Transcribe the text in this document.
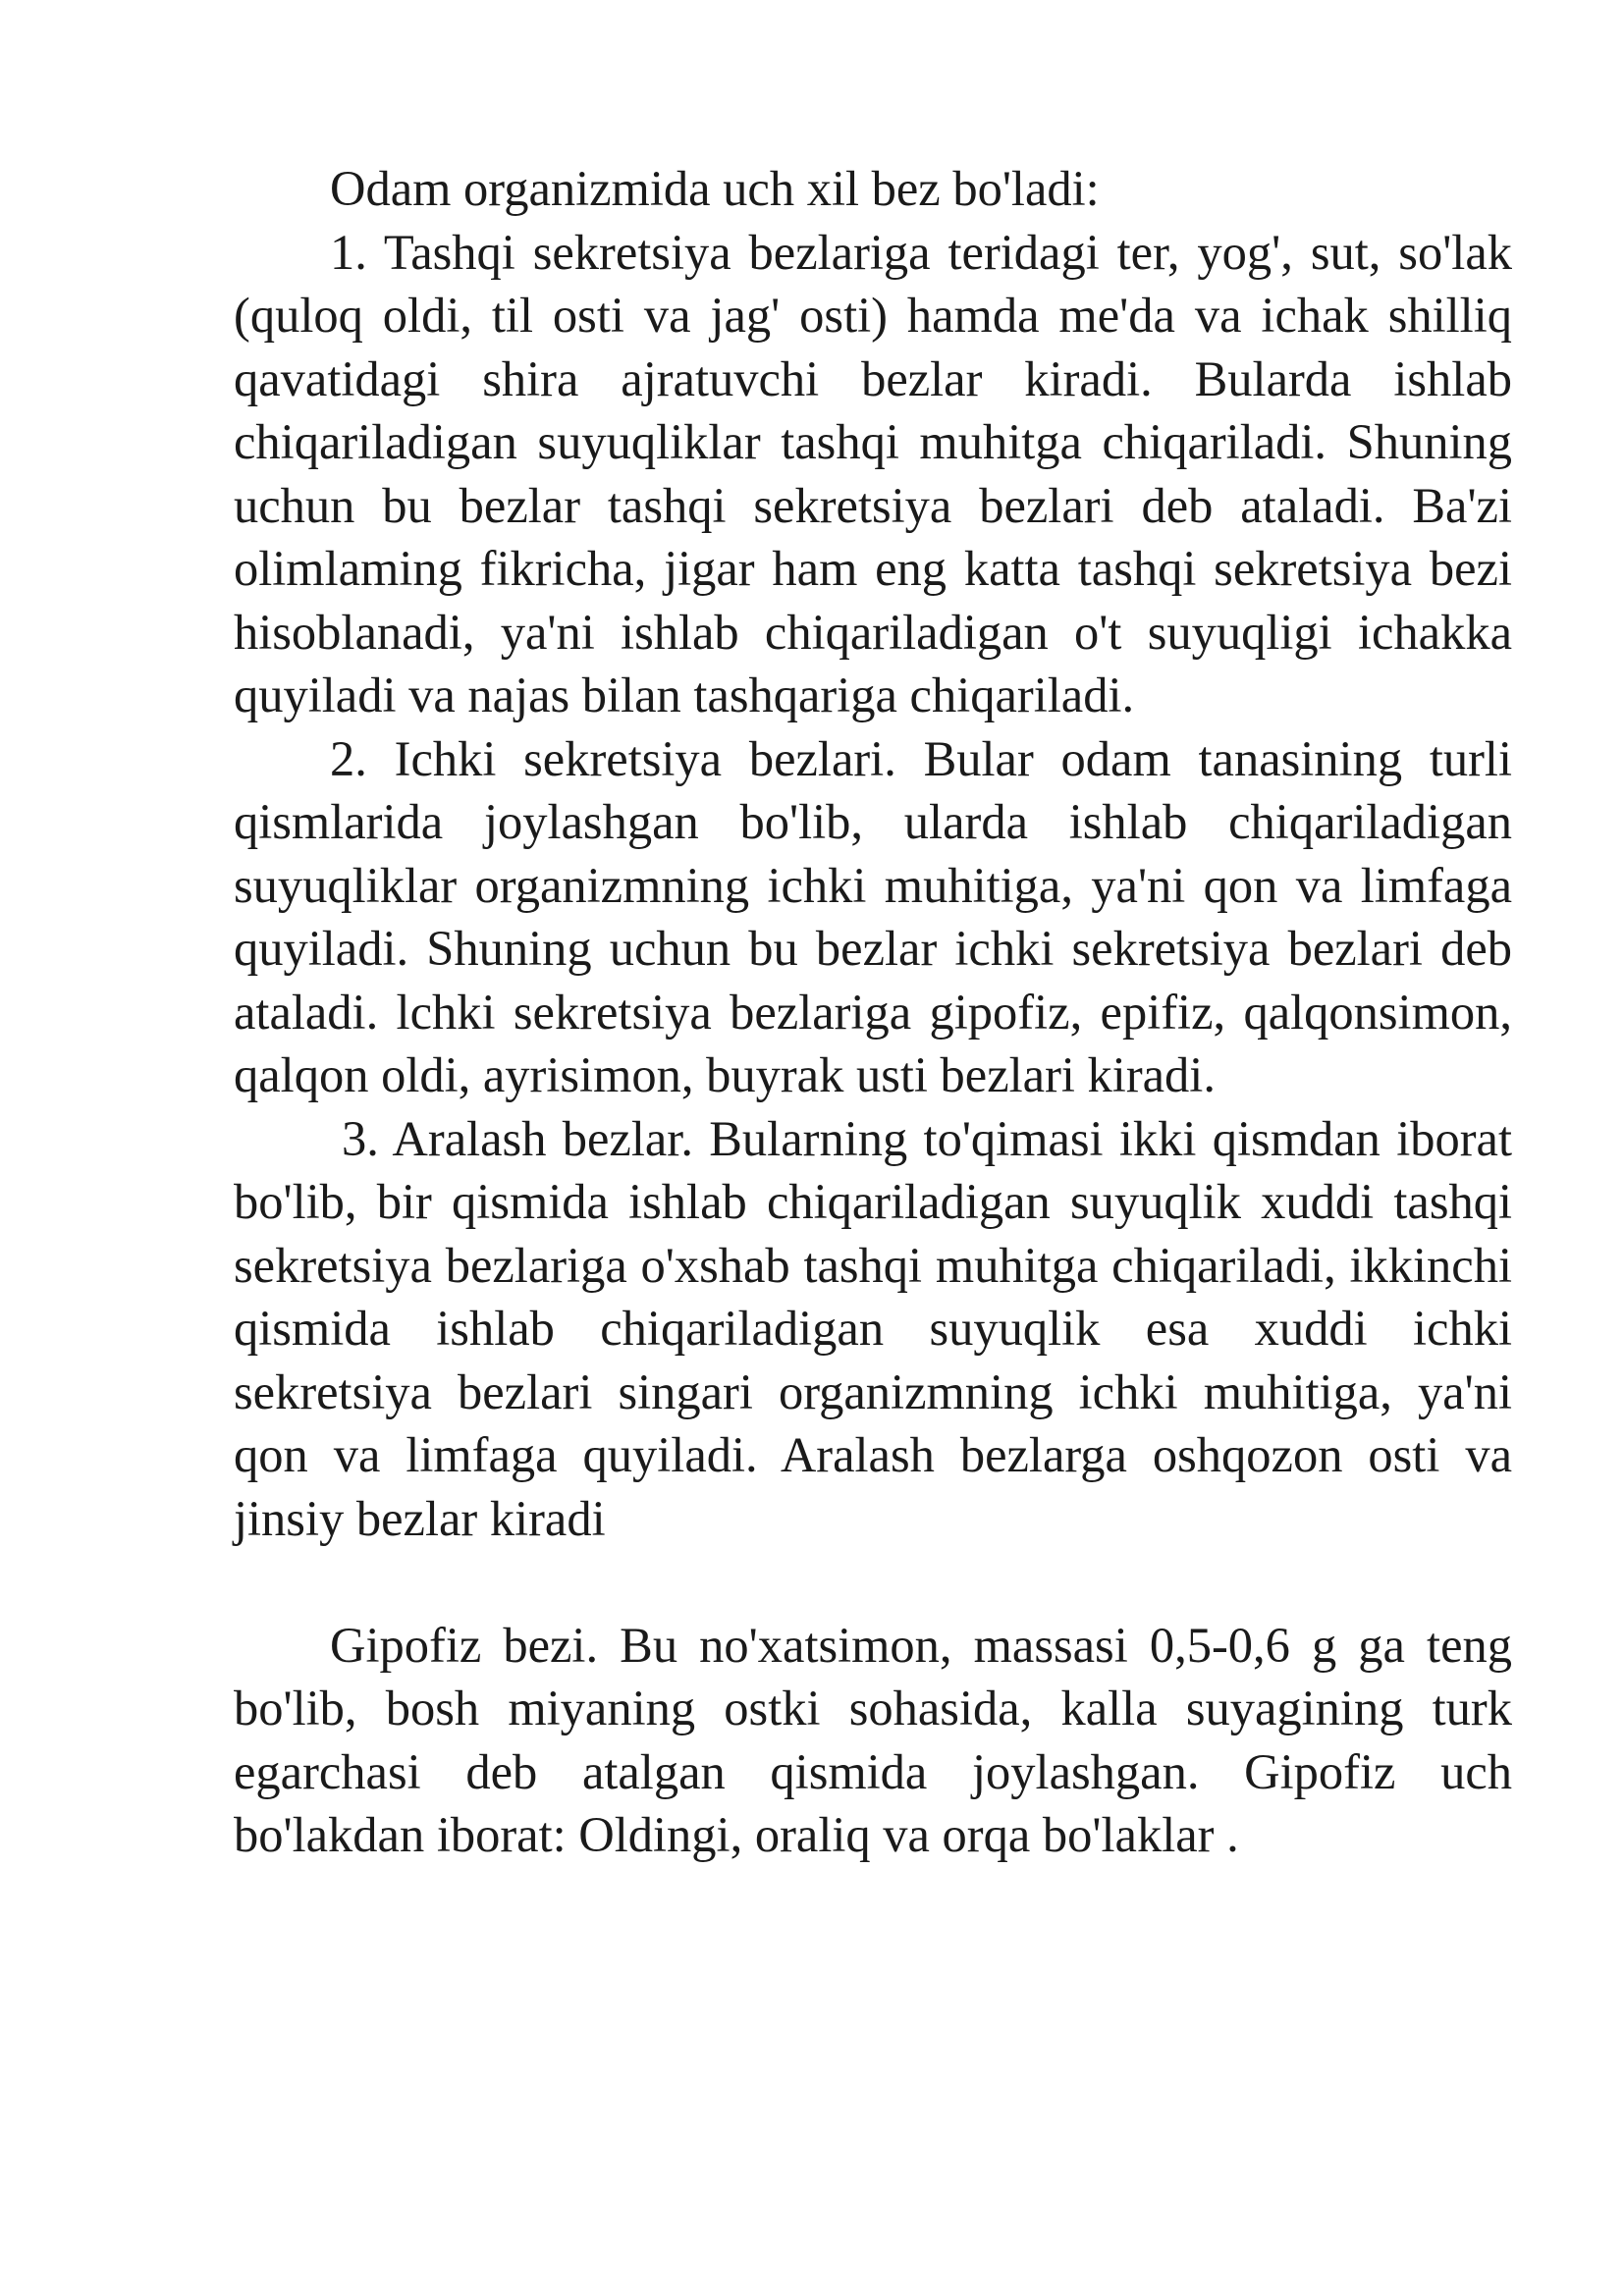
Odam organizmida uch xil bez bo'ladi:

1. Tashqi sekretsiya bezlariga teridagi ter, yog', sut, so'lak (quloq oldi, til osti va jag' osti) hamda me'da va ichak shilliq qavatidagi shira ajratuvchi bezlar kiradi. Bularda ishlab chiqariladigan suyuqliklar tashqi muhitga chiqariladi. Shuning uchun bu bezlar tashqi sekretsiya bezlari deb ataladi. Ba'zi olimlaming fikricha, jigar ham eng katta tashqi sekretsiya bezi hisoblanadi, ya'ni ishlab chiqariladigan o't suyuqligi ichakka quyiladi va najas bilan tashqariga chiqariladi.

2. Ichki sekretsiya bezlari. Bular odam tanasining turli qismlarida joylashgan bo'lib, ularda ishlab chiqariladigan suyuqliklar organizmning ichki muhitiga, ya'ni qon va limfaga quyiladi. Shuning uchun bu bezlar ichki sekretsiya bezlari deb ataladi. lchki sekretsiya bezlariga gipofiz, epifiz, qalqonsimon, qalqon oldi, ayrisimon, buyrak usti bezlari kiradi.

3. Aralash bezlar. Bularning to'qimasi ikki qismdan iborat bo'lib, bir qismida ishlab chiqariladigan suyuqlik xuddi tashqi sekretsiya bezlariga o'xshab tashqi muhitga chiqariladi, ikkinchi qismida ishlab chiqariladigan suyuqlik esa xuddi ichki sekretsiya bezlari singari organizmning ichki muhitiga, ya'ni qon va limfaga quyiladi. Aralash bezlarga oshqozon osti va jinsiy bezlar kiradi

Gipofiz bezi. Bu no'xatsimon, massasi 0,5-0,6 g ga teng bo'lib, bosh miyaning ostki sohasida, kalla suyagining turk egarchasi deb atalgan qismida joylashgan. Gipofiz uch bo'lakdan iborat: Oldingi, oraliq va orqa bo'laklar .
